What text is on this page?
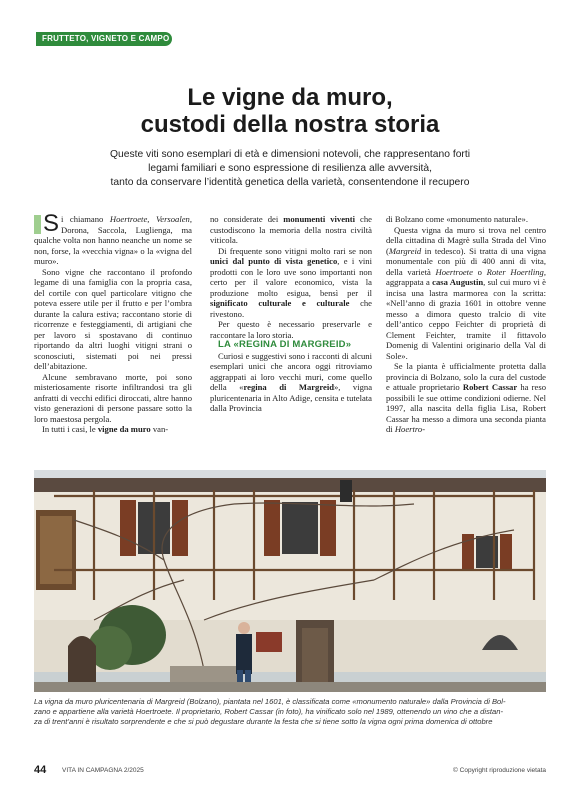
FRUTTETO, VIGNETO E CAMPO
Le vigne da muro,
custodi della nostra storia
Queste viti sono esemplari di età e dimensioni notevoli, che rappresentano forti
legami familiari e sono espressione di resilienza alle avversità,
tanto da conservare l’identità genetica della varietà, consentendone il recupero

S i chiamano Hoertroete, Versoalen, Dorona, Saccola, Luglienga, ma qualche volta non hanno neanche un nome se non, forse, la «vecchia vigna» o la «vigna del muro».

Sono vigne che raccontano il profondo legame di una famiglia con la propria casa, del cortile con quel particolare vitigno che poteva essere utile per il frutto e per l’ombra durante la calura estiva; raccontano storie di ricorrenze e festeggiamenti, di artigiani che per lavoro si spostavano di continuo riportando da altri luoghi vitigni strani o sconosciuti, sistemati poi nei pressi dell’abitazione.

Alcune sembravano morte, poi sono misteriosamente risorte infiltrandosi tra gli anfratti di vecchi edifici diroccati, altre hanno visto generazioni di persone passare sotto la loro maestosa pergola.

In tutti i casi, le vigne da muro van-

no considerate dei monumenti viventi che custodiscono la memoria della nostra civiltà viticola.

Di frequente sono vitigni molto rari se non unici dal punto di vista genetico, e i vini prodotti con le loro uve sono importanti non certo per il valore economico, vista la produzione molto esigua, bensì per il significato culturale e culturale che rivestono.

Per questo è necessario preservarle e raccontare la loro storia.

LA «REGINA DI MARGREID»

Curiosi e suggestivi sono i racconti di alcuni esemplari unici che ancora oggi ritroviamo aggrappati ai loro vecchi muri, come quello della «regina di Margreid», vigna pluricentenaria in Alto Adige, censita e tutelata dalla Provincia

di Bolzano come «monumento naturale».

Questa vigna da muro si trova nel centro della cittadina di Magrè sulla Strada del Vino (Margreid in tedesco). Si tratta di una vigna monumentale con più di 400 anni di vita, della varietà Hoertroete o Roter Hoertling, aggrappata a casa Augustin, sul cui muro vi è incisa una lastra marmorea con la scritta: «Nell’anno di grazia 1601 in ottobre venne messo a dimora questo tralcio di vite dell’antico ceppo Feichter di proprietà di Clement Feichter, tramite il fittavolo Domenig di Valentini originario della Val di Sole».

Se la pianta è ufficialmente protetta dalla provincia di Bolzano, solo la cura del custode e attuale proprietario Robert Cassar ha reso possibili le sue ottime condizioni odierne. Nel 1997, alla nascita della figlia Lisa, Robert Cassar ha messo a dimora una seconda pianta di Hoertro-

La vigna da muro pluricentenaria di Margreid (Bolzano), piantata nel 1601, è classificata come «monumento naturale» dalla Provincia di Bol-
zano e appartiene alla varietà Hoertroete. Il proprietario, Robert Cassar (in foto), ha vinificato solo nel 1989, ottenendo un vino che a distan-
za di trent’anni è risultato sorprendente e che si può degustare durante la festa che si tiene sotto la vigna ogni prima domenica di ottobre
44 VITA IN CAMPAGNA 2/2025	© Copyright riproduzione vietata
